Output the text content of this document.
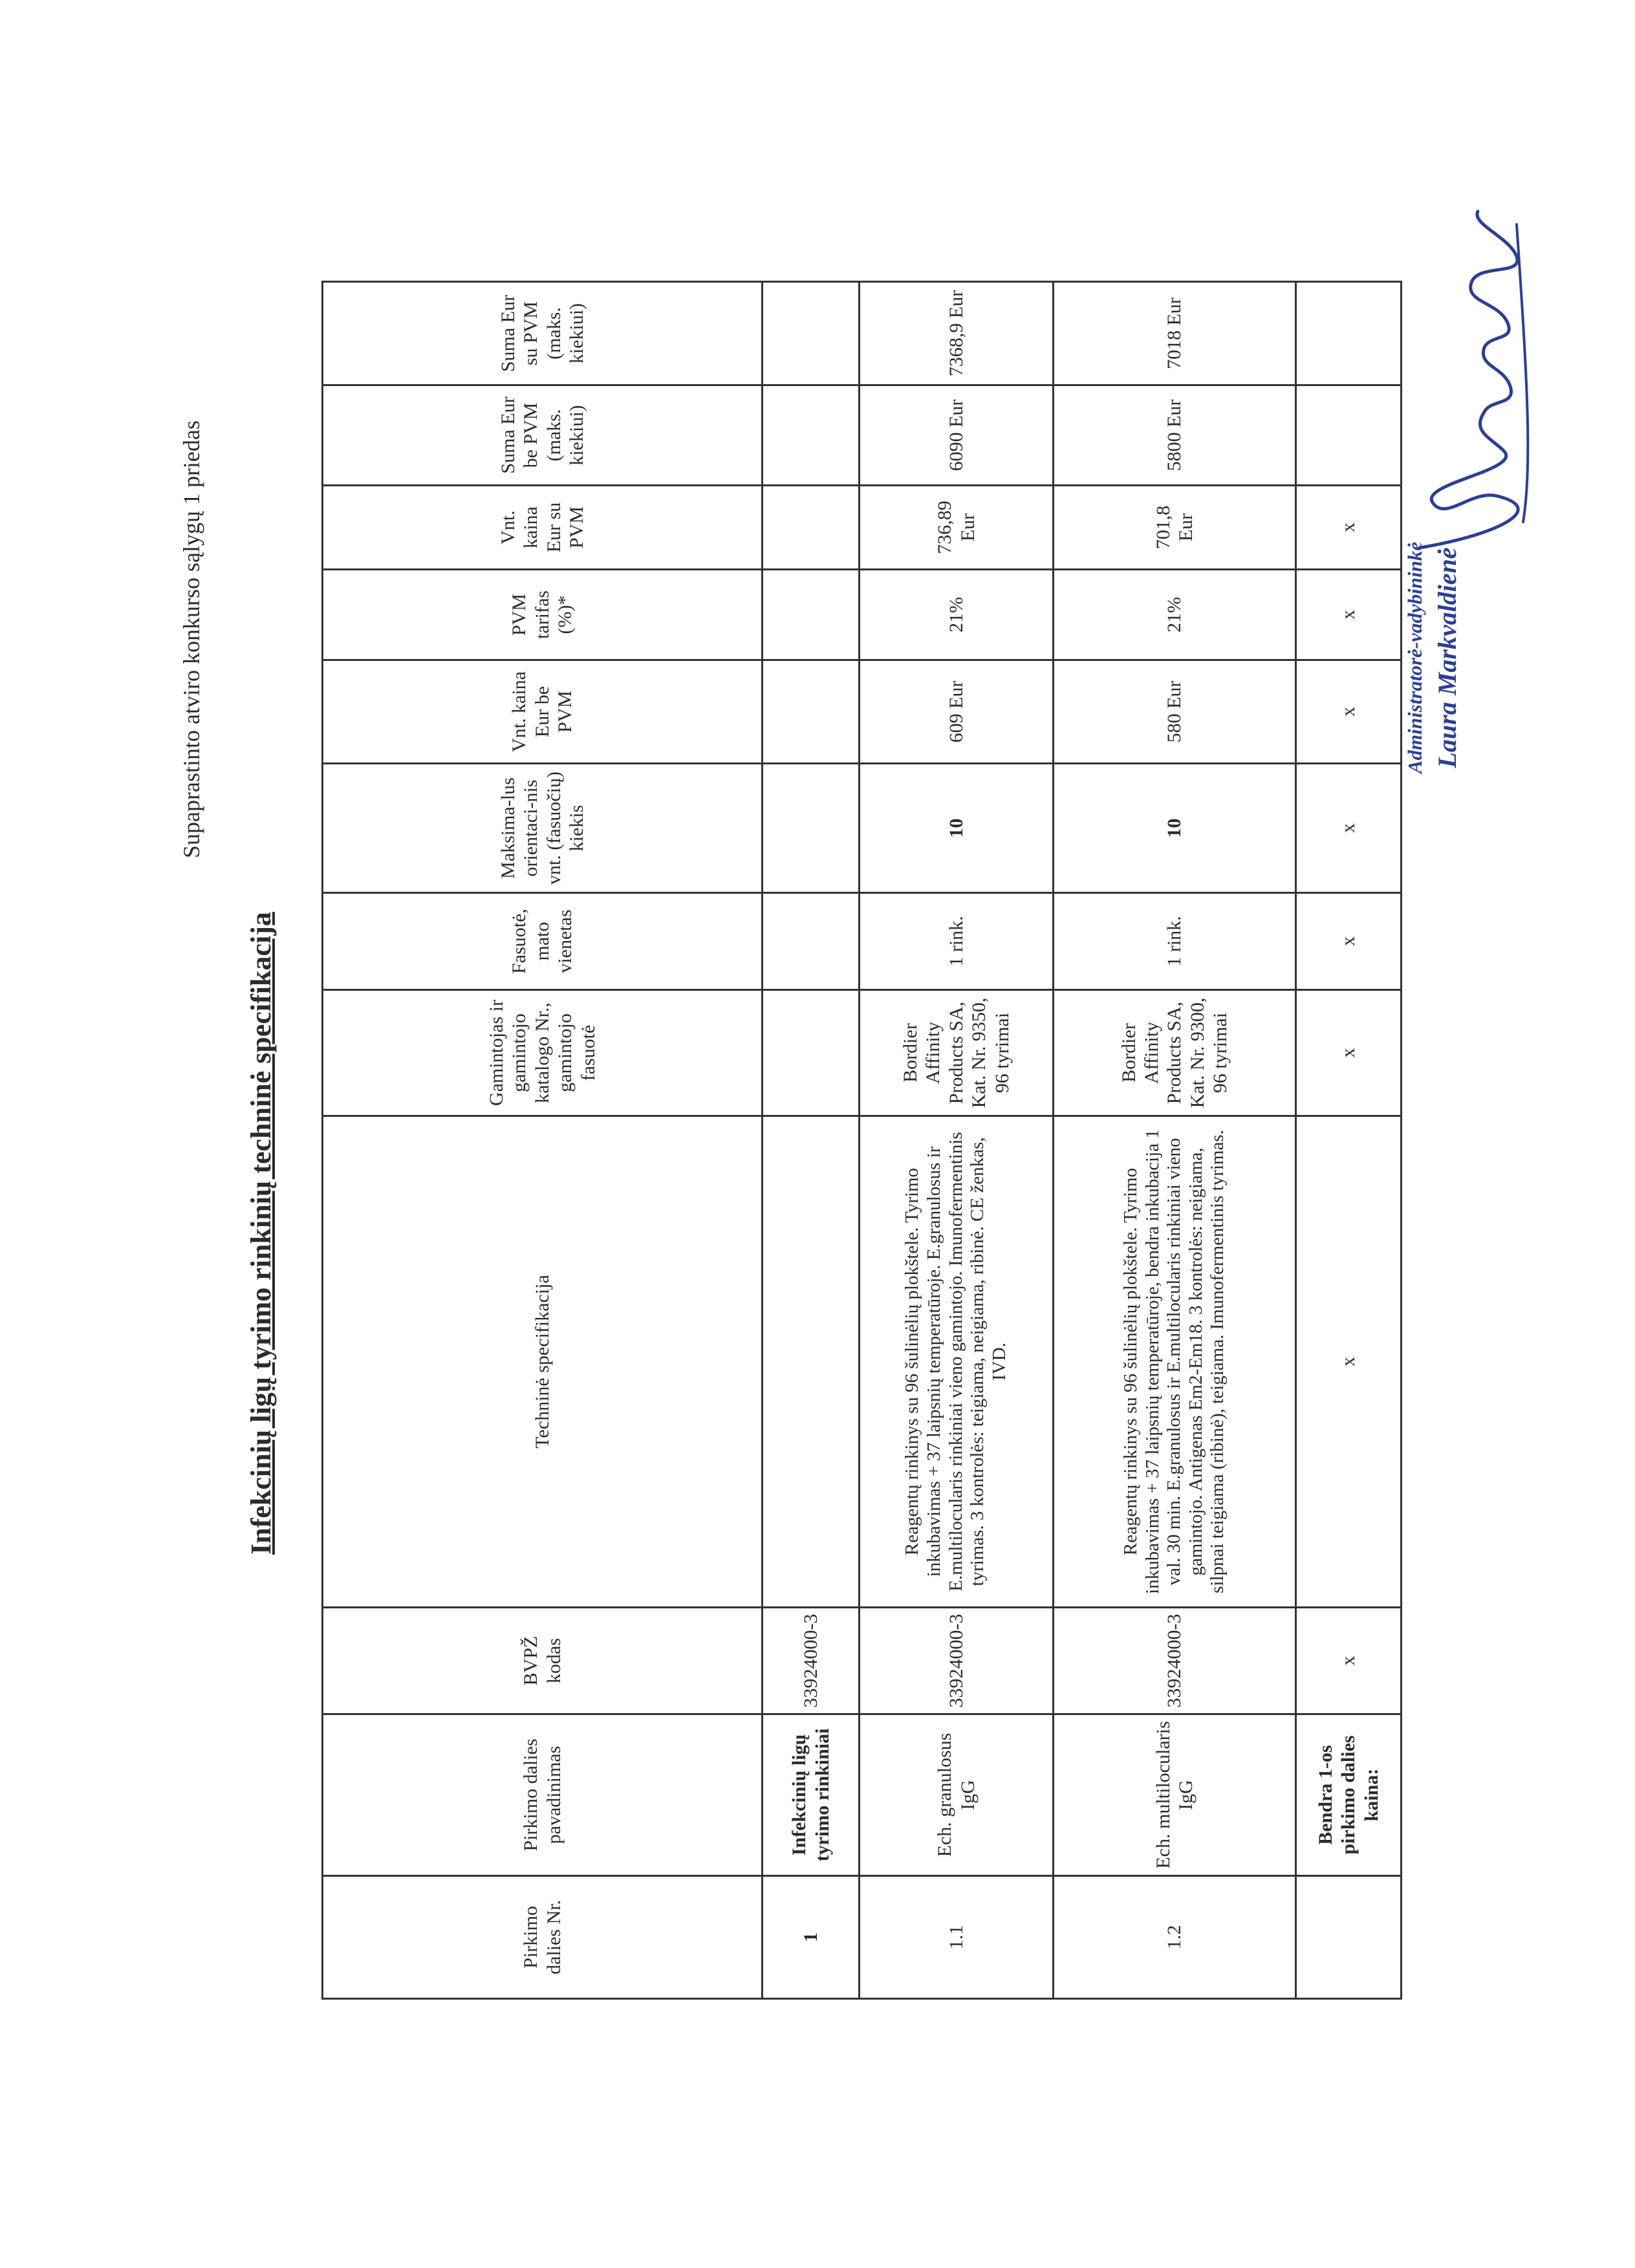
Supaprastinto atviro konkurso sąlygų 1 priedas
Infekcinių ligų tyrimo rinkinių techninė specifikacija
Pirkimo dalies Nr.	Pirkimo dalies pavadinimas	BVPŽ kodas	Techninė specifikacija	Gamintojas ir gamintojo katalogo Nr., gamintojo fasuotė	Fasuotė, mato vienetas	Maksima-lus orientaci-nis vnt. (fasuočių) kiekis	Vnt. kaina Eur be PVM	PVM tarifas (%)*	Vnt. kaina Eur su PVM	Suma Eur be PVM (maks. kiekiui)	Suma Eur su PVM (maks. kiekiui)
1	Infekcinių ligų tyrimo rinkiniai	33924000-3									
1.1	Ech. granulosus IgG	33924000-3	Reagentų rinkinys su 96 šulinėlių plokštele. Tyrimo inkubavimas + 37 laipsnių temperatūroje. E.granulosus ir E.multilocularis rinkiniai vieno gamintojo. Imunofermentinis tyrimas. 3 kontrolės: teigiama, neigiama, ribinė. CE ženkas, IVD.	Bordier Affinity Products SA, Kat. Nr. 9350, 96 tyrimai	1 rink.	10	609 Eur	21%	736,89 Eur	6090 Eur	7368,9 Eur
1.2	Ech. multilocularis IgG	33924000-3	Reagentų rinkinys su 96 šulinėlių plokštele. Tyrimo inkubavimas + 37 laipsnių temperatūroje, bendra inkubacija 1 val. 30 min. E.granulosus ir E.multilocularis rinkiniai vieno gamintojo. Antigenas Em2-Em18. 3 kontrolės: neigiama, silpnai teigiama (ribinė), teigiama. Imunofermentinis tyrimas.	Bordier Affinity Products SA, Kat. Nr. 9300, 96 tyrimai	1 rink.	10	580 Eur	21%	701,8 Eur	5800 Eur	7018 Eur
	Bendra 1-os pirkimo dalies kaina:	x	x	x	x	x	x	x	x		
Administratorė-vadybininkė Laura Markvaldienė
